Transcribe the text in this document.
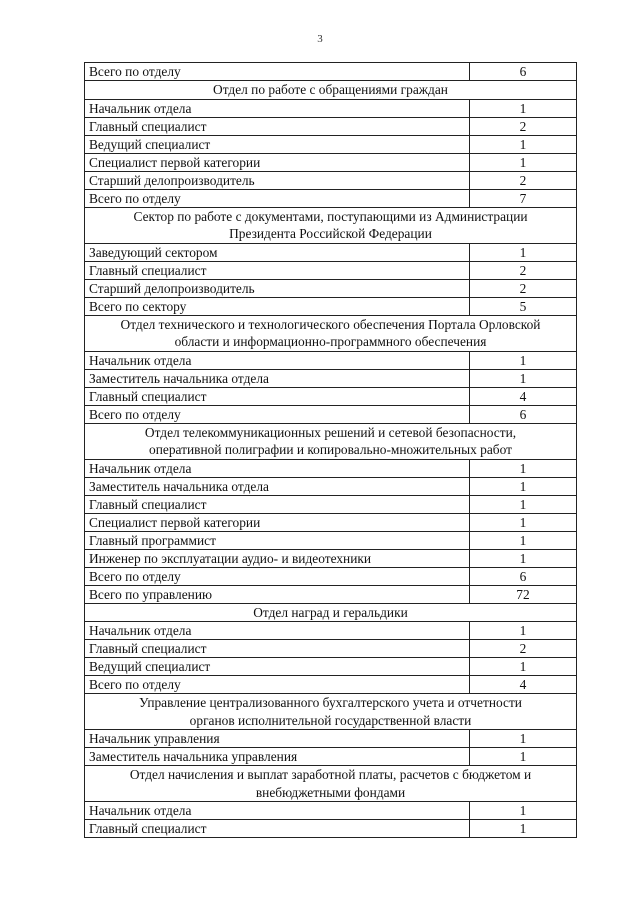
3
Всего по отделу	6

Отдел по работе с обращениями граждан	

Начальник отдела	1
Главный специалист	2
Ведущий специалист	1
Специалист первой категории	1
Старший делопроизводитель	2
Всего по отделу	7

Сектор по работе с документами, поступающими из Администрации
Президента Российской Федерации	

Заведующий сектором	1
Главный специалист	2
Старший делопроизводитель	2
Всего по сектору	5

Отдел технического и технологического обеспечения Портала Орловской
области и информационно-программного обеспечения	

Начальник отдела	1
Заместитель начальника отдела	1
Главный специалист	4
Всего по отделу	6

Отдел телекоммуникационных решений и сетевой безопасности,
оперативной полиграфии и копировально-множительных работ	

Начальник отдела	1
Заместитель начальника отдела	1
Главный специалист	1
Специалист первой категории	1
Главный программист	1
Инженер по эксплуатации аудио- и видеотехники	1
Всего по отделу	6
Всего по управлению	72

Отдел наград и геральдики	

Начальник отдела	1
Главный специалист	2
Ведущий специалист	1
Всего по отделу	4

Управление централизованного бухгалтерского учета и отчетности
органов исполнительной государственной власти	

Начальник управления	1
Заместитель начальника управления	1

Отдел начисления и выплат заработной платы, расчетов с бюджетом и
внебюджетными фондами	

Начальник отдела	1
Главный специалист	1
